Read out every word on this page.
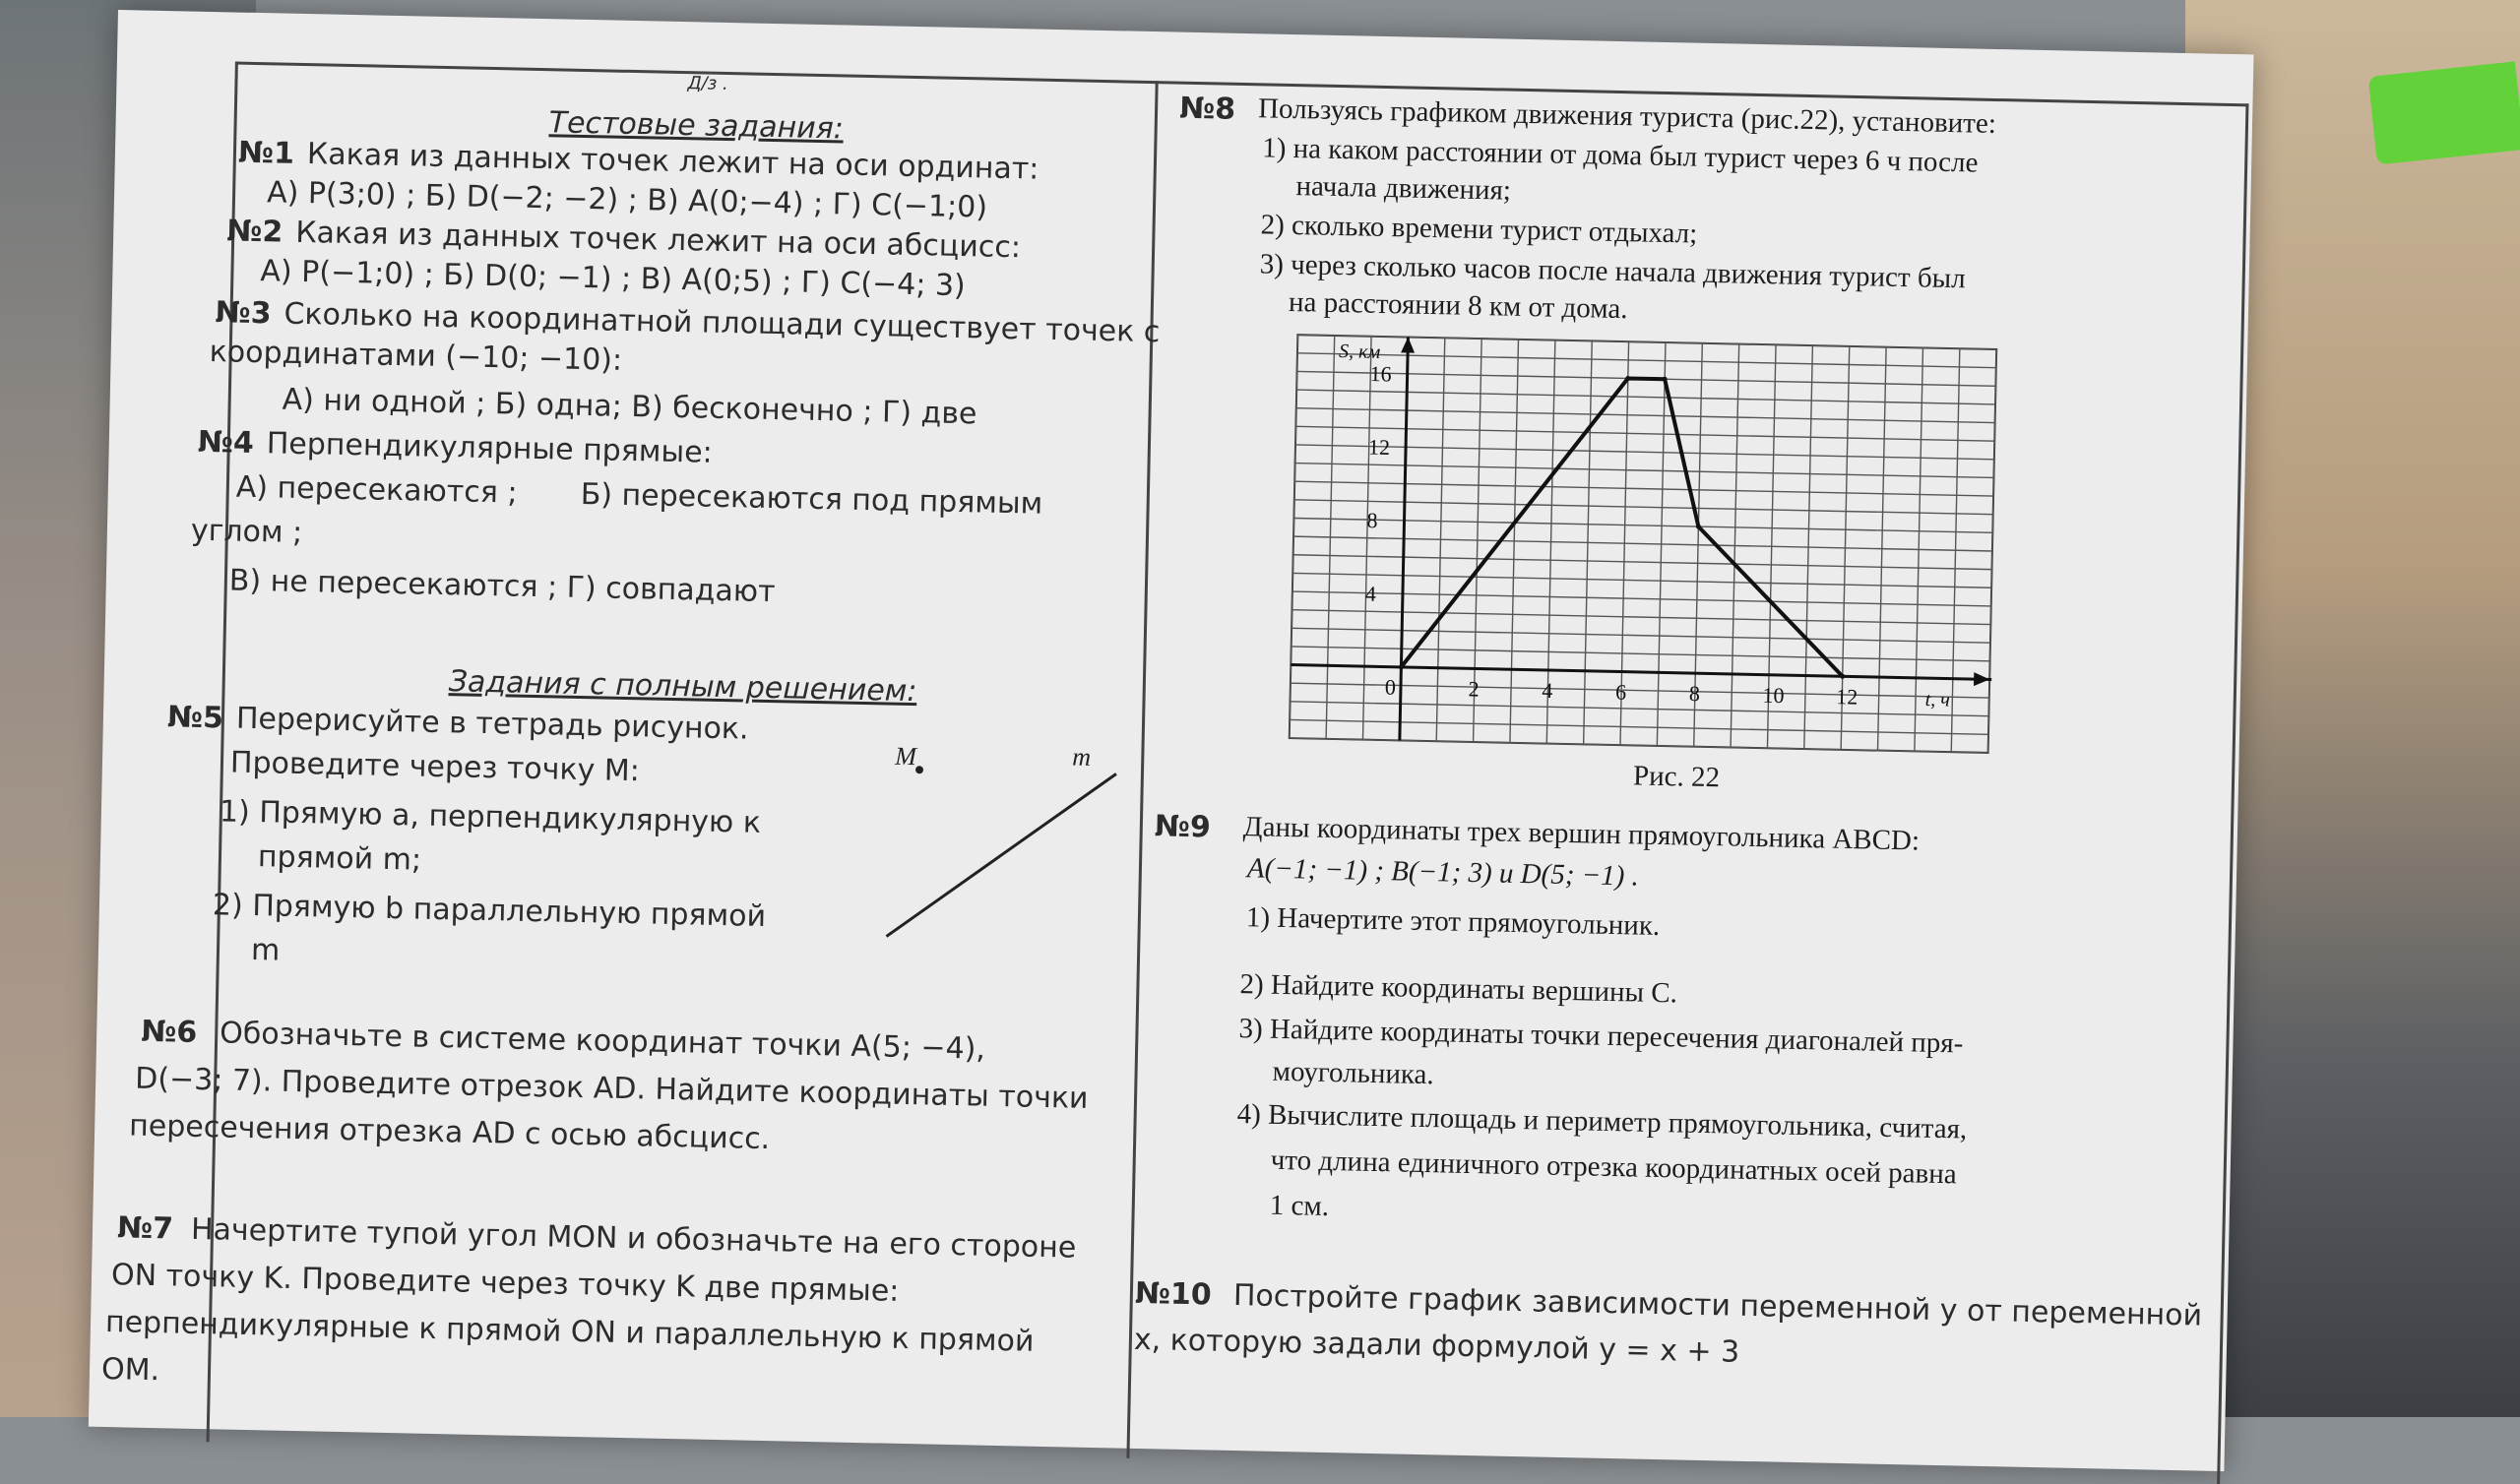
Д/з .
Тестовые задания:
№1 Какая из данных точек лежит на оси ординат:
А) P(3;0) ; Б) D(−2; −2) ; В) A(0;−4) ; Г) C(−1;0)
№2 Какая из данных точек лежит на оси абсцисс:
А) P(−1;0) ; Б) D(0; −1) ; В) A(0;5) ; Г) C(−4; 3)
№3 Сколько на координатной площади существует точек с
координатами (−10; −10):
А) ни одной ; Б) одна; В) бесконечно ; Г) две
№4 Перпендикулярные прямые:
А) пересекаются ; Б) пересекаются под прямым
углом ;
В) не пересекаются ; Г) совпадают
Задания с полным решением:
№5 Перерисуйте в тетрадь рисунок.
Проведите через точку M:
1) Прямую a, перпендикулярную к
прямой m;
2) Прямую b параллельную прямой
m
M	m
№6 Обозначьте в системе координат точки A(5; −4),
D(−3; 7). Проведите отрезок AD. Найдите координаты точки
пересечения отрезка AD с осью абсцисс.
№7 Начертите тупой угол MON и обозначьте на его стороне
ON точку K. Проведите через точку K две прямые:
перпендикулярные к прямой ON и параллельную к прямой
OM.
№8 Пользуясь графиком движения туриста (рис.22), установите:
1) на каком расстоянии от дома был турист через 6 ч после
начала движения;
2) сколько времени турист отдыхал;
3) через сколько часов после начала движения турист был
на расстоянии 8 км от дома.
0	2	4	6	8	10 12
4
8
12
16
S, км
t, ч
Рис. 22
№9 Даны координаты трех вершин прямоугольника ABCD:
A(−1; −1) ; B(−1; 3) и D(5; −1) .
1) Начертите этот прямоугольник.
2) Найдите координаты вершины C.
3) Найдите координаты точки пересечения диагоналей пря-
моугольника.
4) Вычислите площадь и периметр прямоугольника, считая,
что длина единичного отрезка координатных осей равна
1 см.
№10 Постройте график зависимости переменной y от переменной
x, которую задали формулой y = x + 3
